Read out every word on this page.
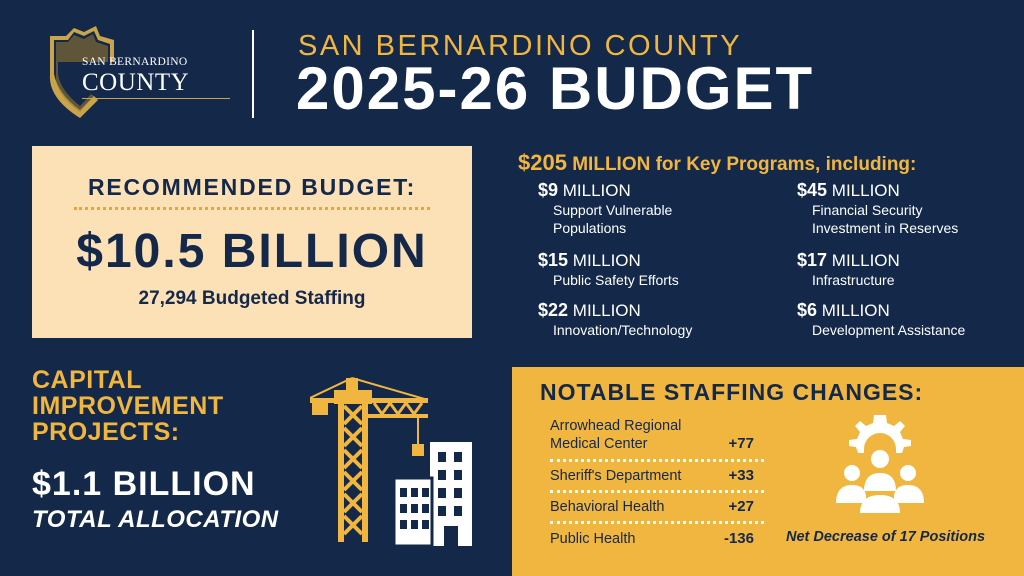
SAN BERNARDINO
COUNTY
SAN BERNARDINO COUNTY
2025-26 BUDGET
RECOMMENDED BUDGET:
$10.5 BILLION
27,294 Budgeted Staffing
$205 MILLION for Key Programs, including:
$9 MILLION
Support Vulnerable
Populations
$15 MILLION
Public Safety Efforts
$22 MILLION
Innovation/Technology
$45 MILLION
Financial Security
Investment in Reserves
$17 MILLION
Infrastructure
$6 MILLION
Development Assistance
CAPITAL
IMPROVEMENT
PROJECTS:
$1.1 BILLION
TOTAL ALLOCATION
NOTABLE STAFFING CHANGES:
Arrowhead Regional
Medical Center	+77
Sheriff's Department	+33
Behavioral Health	+27
Public Health	-136 Net Decrease of 17 Positions
